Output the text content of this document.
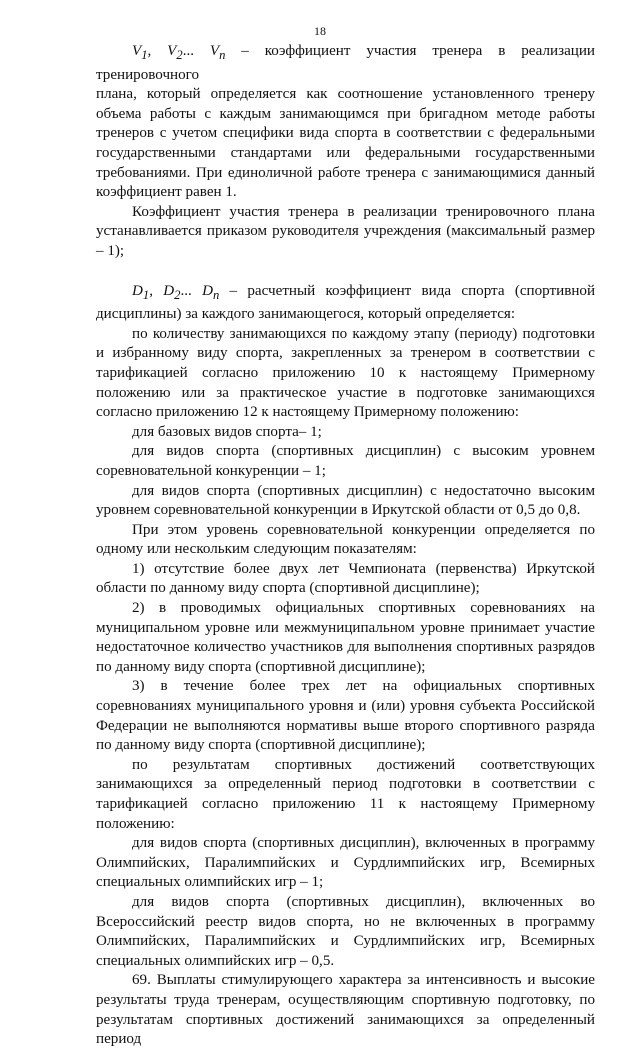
18

$V_1$, $V_2$... $V_n$ – коэффициент участия тренера в реализации тренировочного
плана, который определяется как соотношение установленного тренеру
объема работы с каждым занимающимся при бригадном методе работы
тренеров с учетом специфики вида спорта в соответствии с федеральными
государственными стандартами или федеральными государственными
требованиями. При единоличной работе тренера с занимающимися данный
коэффициент равен 1.

Коэффициент участия тренера в реализации тренировочного плана устанавливается приказом руководителя учреждения (максимальный размер – 1);

$D_1$, $D_2$... $D_n$ – расчетный коэффициент вида спорта (спортивной
дисциплины) за каждого занимающегося, который определяется:

по количеству занимающихся по каждому этапу (периоду) подготовки и избранному виду спорта, закрепленных за тренером в соответствии с тарификацией согласно приложению 10 к настоящему Примерному положению или за практическое участие в подготовке занимающихся согласно приложению 12 к настоящему Примерному положению:

для базовых видов спорта– 1;

для видов спорта (спортивных дисциплин) с высоким уровнем соревновательной конкуренции – 1;

для видов спорта (спортивных дисциплин) с недостаточно высоким уровнем соревновательной конкуренции в Иркутской области от 0,5 до 0,8.

При этом уровень соревновательной конкуренции определяется по одному или нескольким следующим показателям:

1) отсутствие более двух лет Чемпионата (первенства) Иркутской области по данному виду спорта (спортивной дисциплине);

2) в проводимых официальных спортивных соревнованиях на муниципальном уровне или межмуниципальном уровне принимает участие недостаточное количество участников для выполнения спортивных разрядов по данному виду спорта (спортивной дисциплине);

3) в течение более трех лет на официальных спортивных соревнованиях муниципального уровня и (или) уровня субъекта Российской Федерации не выполняются нормативы выше второго спортивного разряда по данному виду спорта (спортивной дисциплине);

по результатам спортивных достижений соответствующих занимающихся за определенный период подготовки в соответствии с тарификацией согласно приложению 11 к настоящему Примерному положению:

для видов спорта (спортивных дисциплин), включенных в программу Олимпийских, Паралимпийских и Сурдлимпийских игр, Всемирных специальных олимпийских игр – 1;

для видов спорта (спортивных дисциплин), включенных во Всероссийский реестр видов спорта, но не включенных в программу Олимпийских, Паралимпийских и Сурдлимпийских игр, Всемирных специальных олимпийских игр – 0,5.

69. Выплаты стимулирующего характера за интенсивность и высокие результаты труда тренерам, осуществляющим спортивную подготовку, по результатам спортивных достижений занимающихся за определенный период
